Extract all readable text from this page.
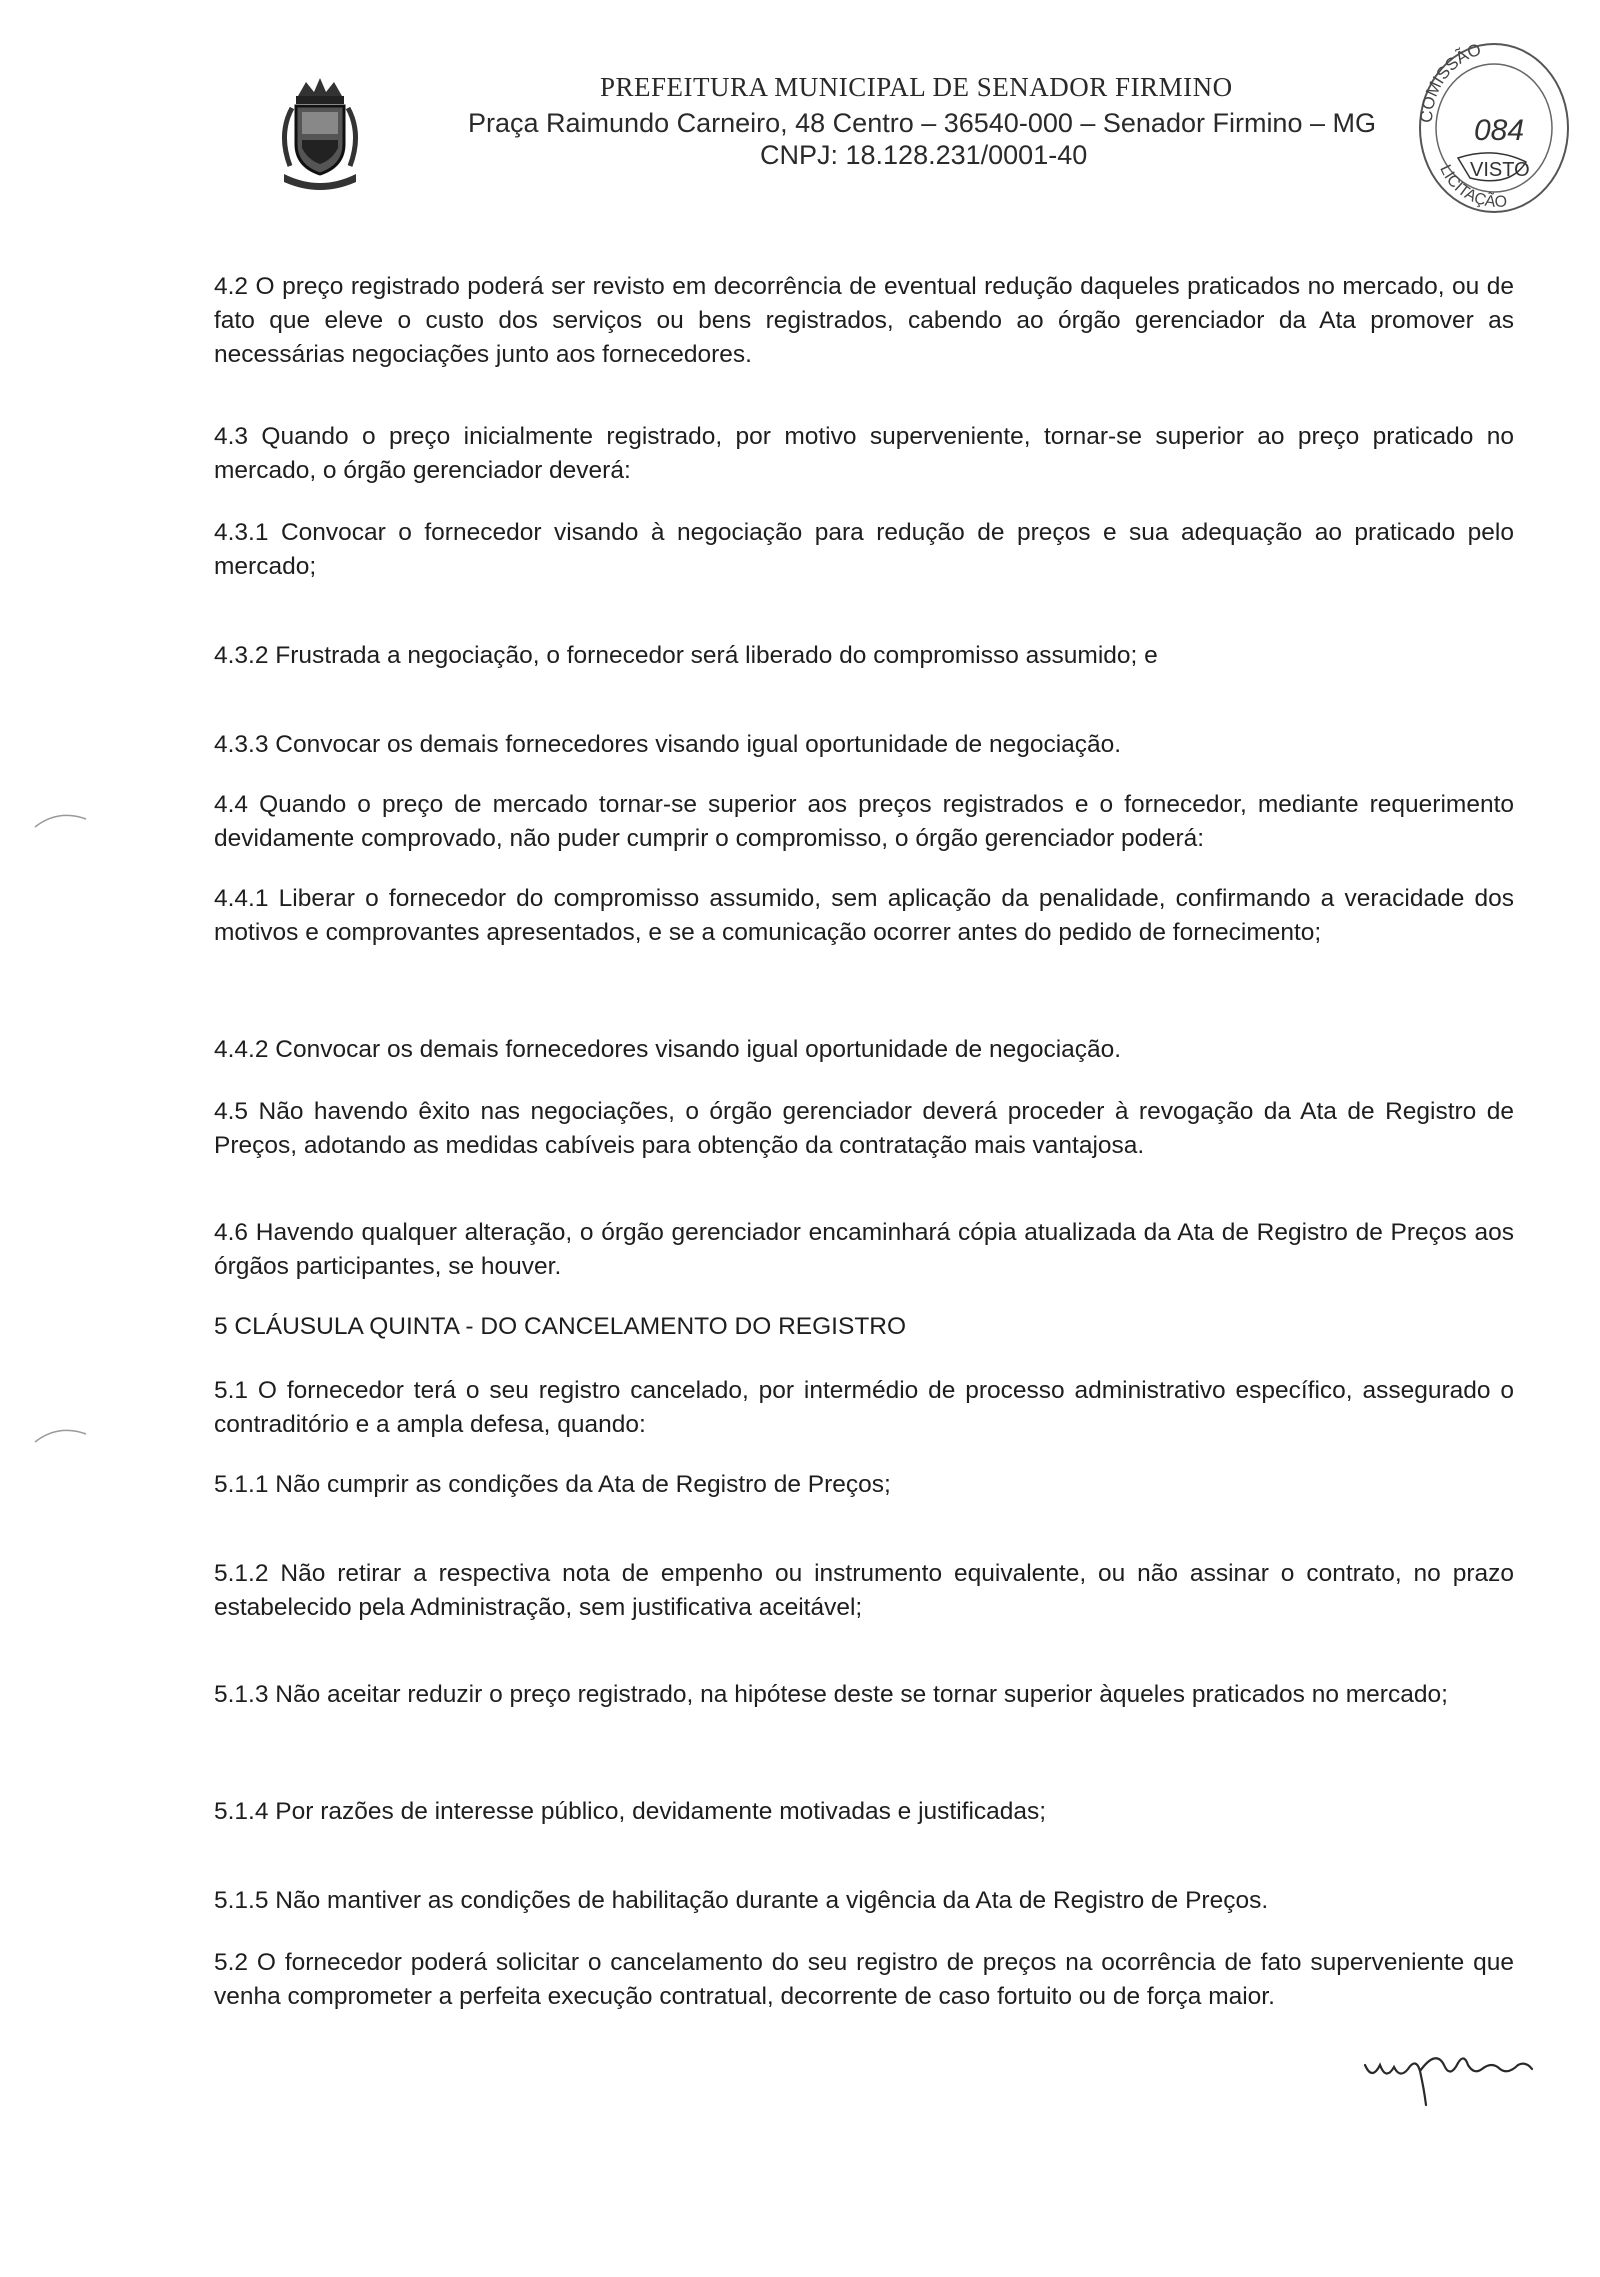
PREFEITURA MUNICIPAL DE SENADOR FIRMINO
Praça Raimundo Carneiro, 48 Centro – 36540-000 – Senador Firmino – MG
CNPJ: 18.128.231/0001-40
COMISSÃO
084
VISTO
LICITAÇÃO

4.2 O preço registrado poderá ser revisto em decorrência de eventual redução daqueles praticados no mercado, ou de fato que eleve o custo dos serviços ou bens registrados, cabendo ao órgão gerenciador da Ata promover as necessárias negociações junto aos fornecedores.

4.3 Quando o preço inicialmente registrado, por motivo superveniente, tornar-se superior ao preço praticado no mercado, o órgão gerenciador deverá:

4.3.1 Convocar o fornecedor visando à negociação para redução de preços e sua adequação ao praticado pelo mercado;

4.3.2 Frustrada a negociação, o fornecedor será liberado do compromisso assumido; e

4.3.3 Convocar os demais fornecedores visando igual oportunidade de negociação.

4.4 Quando o preço de mercado tornar-se superior aos preços registrados e o fornecedor, mediante requerimento devidamente comprovado, não puder cumprir o compromisso, o órgão gerenciador poderá:

4.4.1 Liberar o fornecedor do compromisso assumido, sem aplicação da penalidade, confirmando a veracidade dos motivos e comprovantes apresentados, e se a comunicação ocorrer antes do pedido de fornecimento;

4.4.2 Convocar os demais fornecedores visando igual oportunidade de negociação.

4.5 Não havendo êxito nas negociações, o órgão gerenciador deverá proceder à revogação da Ata de Registro de Preços, adotando as medidas cabíveis para obtenção da contratação mais vantajosa.

4.6 Havendo qualquer alteração, o órgão gerenciador encaminhará cópia atualizada da Ata de Registro de Preços aos órgãos participantes, se houver.

5 CLÁUSULA QUINTA - DO CANCELAMENTO DO REGISTRO

5.1 O fornecedor terá o seu registro cancelado, por intermédio de processo administrativo específico, assegurado o contraditório e a ampla defesa, quando:

5.1.1 Não cumprir as condições da Ata de Registro de Preços;

5.1.2 Não retirar a respectiva nota de empenho ou instrumento equivalente, ou não assinar o contrato, no prazo estabelecido pela Administração, sem justificativa aceitável;

5.1.3 Não aceitar reduzir o preço registrado, na hipótese deste se tornar superior àqueles praticados no mercado;

5.1.4 Por razões de interesse público, devidamente motivadas e justificadas;

5.1.5 Não mantiver as condições de habilitação durante a vigência da Ata de Registro de Preços.

5.2 O fornecedor poderá solicitar o cancelamento do seu registro de preços na ocorrência de fato superveniente que venha comprometer a perfeita execução contratual, decorrente de caso fortuito ou de força maior.
